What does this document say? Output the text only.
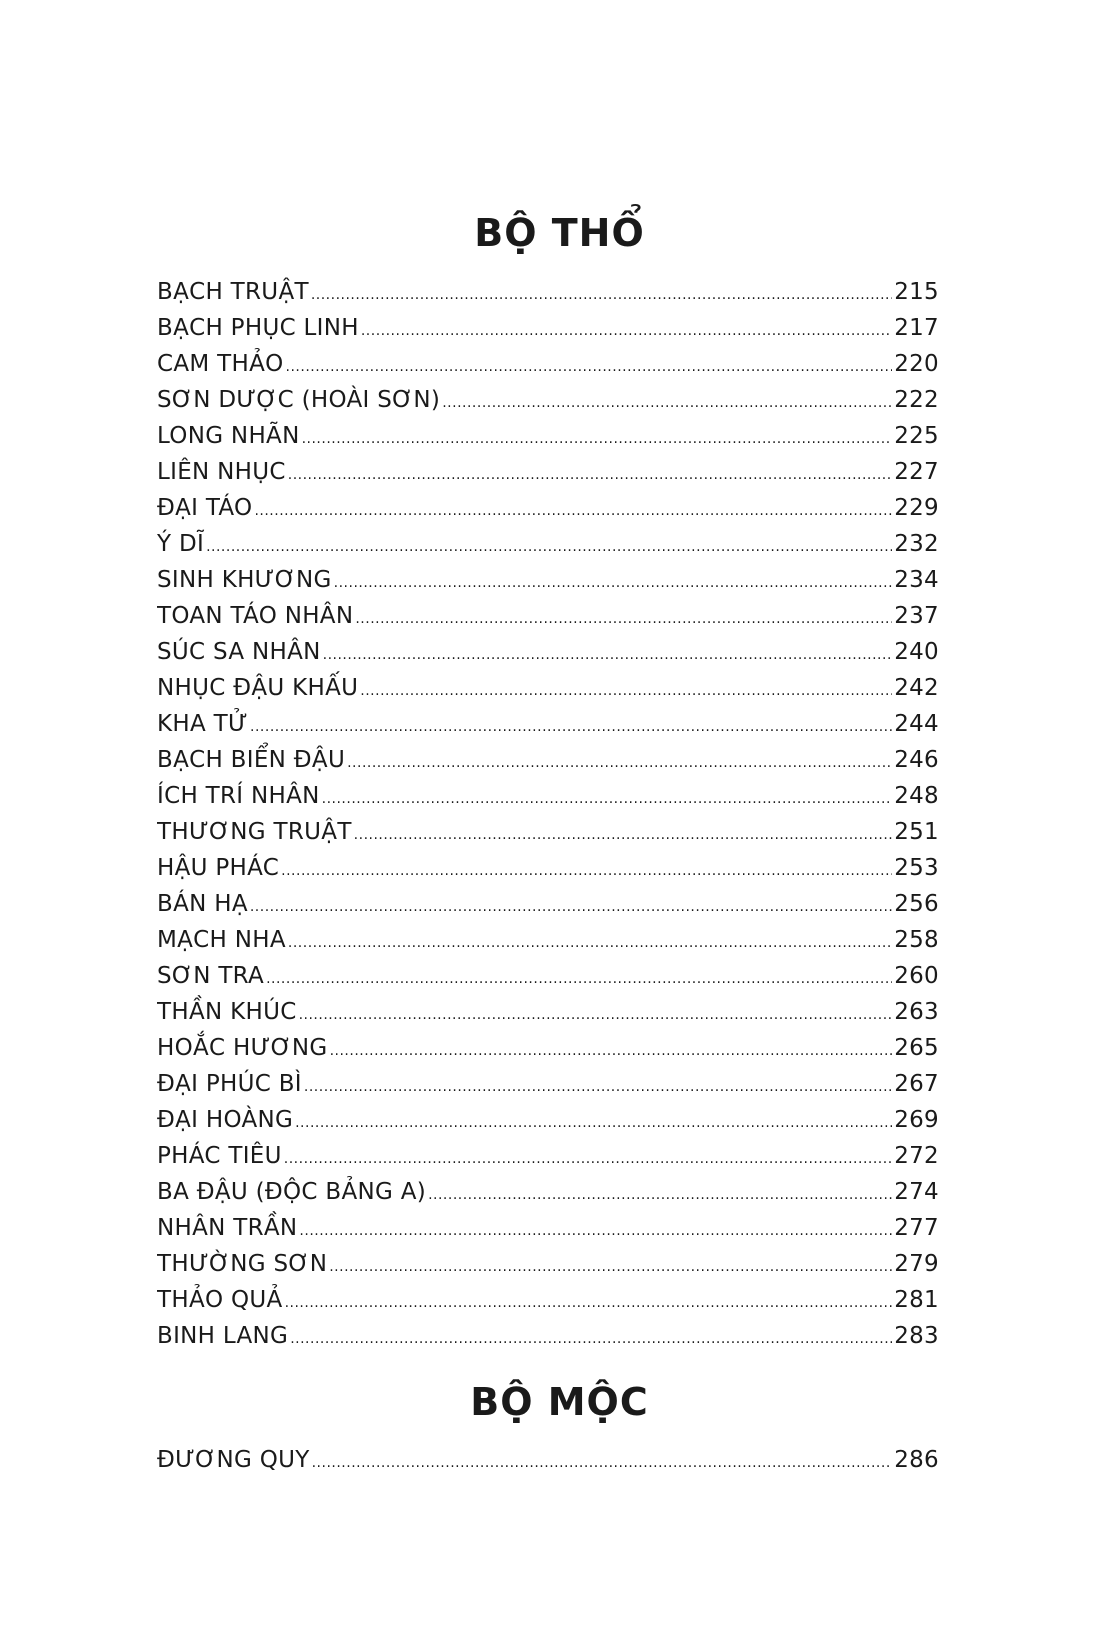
BỘ THỔ
BẠCH TRUẬT .....	215
BẠCH PHỤC LINH .....	217
CAM THẢO .....	220
SƠN DƯỢC (HOÀI SƠN) .....	222
LONG NHÃN .....	225
LIÊN NHỤC .....	227
ĐẠI TÁO .....	229
Ý DĨ .....	232
SINH KHƯƠNG .....	234
TOAN TÁO NHÂN .....	237
SÚC SA NHÂN .....	240
NHỤC ĐẬU KHẤU .....	242
KHA TỬ .....	244
BẠCH BIỂN ĐẬU .....	246
ÍCH TRÍ NHÂN .....	248
THƯƠNG TRUẬT .....	251
HẬU PHÁC .....	253
BÁN HẠ .....	256
MẠCH NHA .....	258
SƠN TRA .....	260
THẦN KHÚC .....	263
HOẮC HƯƠNG .....	265
ĐẠI PHÚC BÌ .....	267
ĐẠI HOÀNG .....	269
PHÁC TIÊU .....	272
BA ĐẬU (ĐỘC BẢNG A) .....	274
NHÂN TRẦN .....	277
THƯỜNG SƠN .....	279
THẢO QUẢ .....	281
BINH LANG .....	283
BỘ MỘC
ĐƯƠNG QUY .....	286
